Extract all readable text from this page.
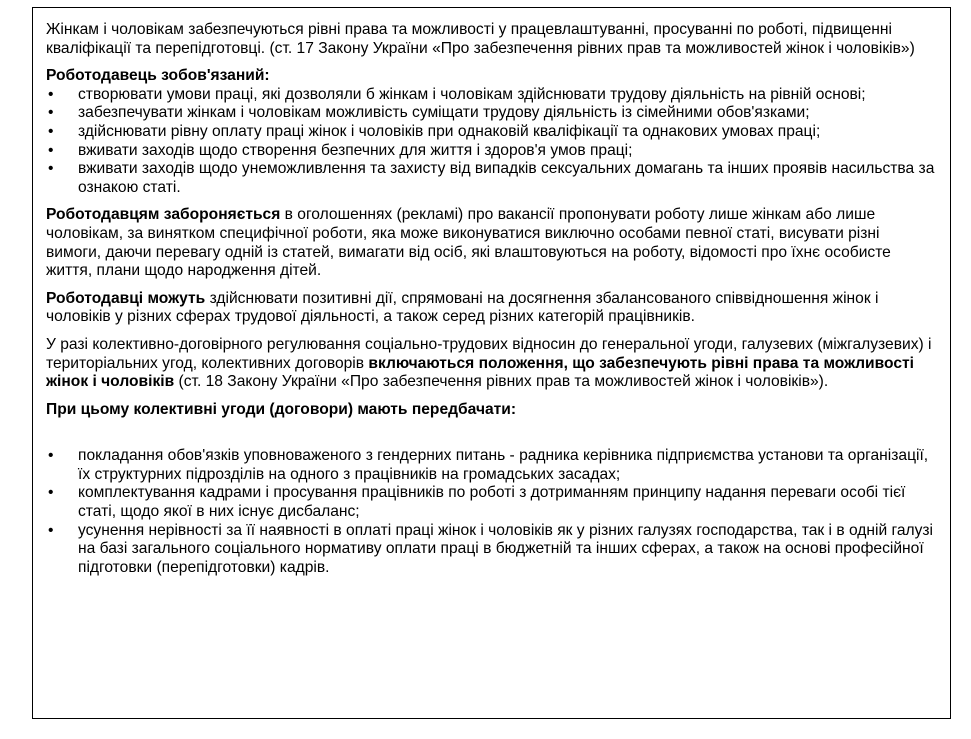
Жінкам і чоловікам забезпечуються рівні права та можливості у працевлаштуванні, просуванні по роботі, підвищенні кваліфікації та перепідготовці. (ст. 17 Закону України «Про забезпечення рівних прав та можливостей жінок і чоловіків»)

Роботодавець зобов'язаний:

• створювати умови праці, які дозволяли б жінкам і чоловікам здійснювати трудову діяльність на рівній основі;
• забезпечувати жінкам і чоловікам можливість суміщати трудову діяльність із сімейними обов'язками;
• здійснювати рівну оплату праці жінок і чоловіків при однаковій кваліфікації та однакових умовах праці;
• вживати заходів щодо створення безпечних для життя і здоров'я умов праці;
• вживати заходів щодо унеможливлення та захисту від випадків сексуальних домагань та інших проявів насильства за ознакою статі.

Роботодавцям забороняється в оголошеннях (рекламі) про вакансії пропонувати роботу лише жінкам або лише чоловікам, за винятком специфічної роботи, яка може виконуватися виключно особами певної статі, висувати різні вимоги, даючи перевагу одній із статей, вимагати від осіб, які влаштовуються на роботу, відомості про їхнє особисте життя, плани щодо народження дітей.

Роботодавці можуть здійснювати позитивні дії, спрямовані на досягнення збалансованого співвідношення жінок і чоловіків у різних сферах трудової діяльності, а також серед різних категорій працівників.

У разі колективно-договірного регулювання соціально-трудових відносин до генеральної угоди, галузевих (міжгалузевих) і територіальних угод, колективних договорів включаються положення, що забезпечують рівні права та можливості жінок і чоловіків (ст. 18 Закону України «Про забезпечення рівних прав та можливостей жінок і чоловіків»).

При цьому колективні угоди (договори) мають передбачати:

• покладання обов'язків уповноваженого з гендерних питань - радника керівника підприємства установи та організації, їх структурних підрозділів на одного з працівників на громадських засадах;
• комплектування кадрами і просування працівників по роботі з дотриманням принципу надання переваги особі тієї статі, щодо якої в них існує дисбаланс;
• усунення нерівності за її наявності в оплаті праці жінок і чоловіків як у різних галузях господарства, так і в одній галузі на базі загального соціального нормативу оплати праці в бюджетній та інших сферах, а також на основі професійної підготовки (перепідготовки) кадрів.
